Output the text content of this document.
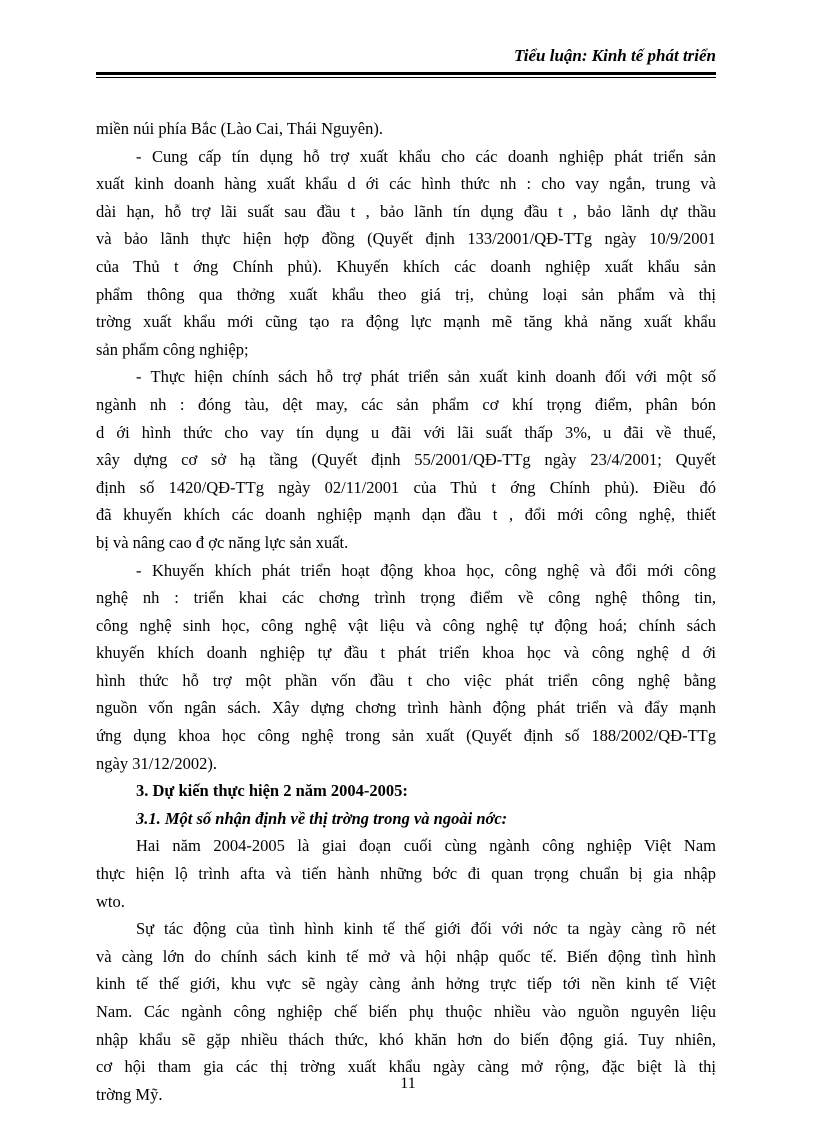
Tiểu luận: Kinh tế phát triển
miền núi phía Bắc (Lào Cai, Thái Nguyên).
- Cung cấp tín dụng hỗ trợ xuất khẩu cho các doanh nghiệp phát triển sản
xuất kinh doanh hàng xuất khẩu d ới các hình thức nh : cho vay ngắn, trung và
dài hạn, hỗ trợ lãi suất sau đầu t , bảo lãnh tín dụng đầu t , bảo lãnh dự thầu
và bảo lãnh thực hiện hợp đồng (Quyết định 133/2001/QĐ-TTg ngày 10/9/2001
của Thủ t ớng Chính phủ). Khuyến khích các doanh nghiệp xuất khẩu sản
phẩm thông qua thởng xuất khẩu theo giá trị, chủng loại sản phẩm và thị
trờng xuất khẩu mới cũng tạo ra động lực mạnh mẽ tăng khả năng xuất khẩu
sản phẩm công nghiệp;
- Thực hiện chính sách hỗ trợ phát triển sản xuất kinh doanh đối với một số
ngành nh : đóng tàu, dệt may, các sản phẩm cơ khí trọng điểm, phân bón
d ới hình thức cho vay tín dụng u đãi với lãi suất thấp 3%, u đãi về thuế,
xây dựng cơ sở hạ tầng (Quyết định 55/2001/QĐ-TTg ngày 23/4/2001; Quyết
định số 1420/QĐ-TTg ngày 02/11/2001 của Thủ t ớng Chính phủ). Điều đó
đã khuyến khích các doanh nghiệp mạnh dạn đầu t , đổi mới công nghệ, thiết
bị và nâng cao đ ợc năng lực sản xuất.
- Khuyến khích phát triển hoạt động khoa học, công nghệ và đổi mới công
nghệ nh : triển khai các chơng trình trọng điểm về công nghệ thông tin,
công nghệ sinh học, công nghệ vật liệu và công nghệ tự động hoá; chính sách
khuyến khích doanh nghiệp tự đầu t phát triển khoa học và công nghệ d ới
hình thức hỗ trợ một phần vốn đầu t cho việc phát triển công nghệ bằng
nguồn vốn ngân sách. Xây dựng chơng trình hành động phát triển và đẩy mạnh
ứng dụng khoa học công nghệ trong sản xuất (Quyết định số 188/2002/QĐ-TTg
ngày 31/12/2002).
3. Dự kiến thực hiện 2 năm 2004-2005:
3.1. Một số nhận định về thị trờng trong và ngoài nớc:
Hai năm 2004-2005 là giai đoạn cuối cùng ngành công nghiệp Việt Nam
thực hiện lộ trình afta và tiến hành những bớc đi quan trọng chuẩn bị gia nhập
wto.
Sự tác động của tình hình kinh tế thế giới đối với nớc ta ngày càng rõ nét
và càng lớn do chính sách kinh tế mở và hội nhập quốc tế. Biến động tình hình
kinh tế thế giới, khu vực sẽ ngày càng ảnh hởng trực tiếp tới nền kinh tế Việt
Nam. Các ngành công nghiệp chế biến phụ thuộc nhiều vào nguồn nguyên liệu
nhập khẩu sẽ gặp nhiều thách thức, khó khăn hơn do biến động giá. Tuy nhiên,
cơ hội tham gia các thị trờng xuất khẩu ngày càng mở rộng, đặc biệt là thị
trờng Mỹ.
11
